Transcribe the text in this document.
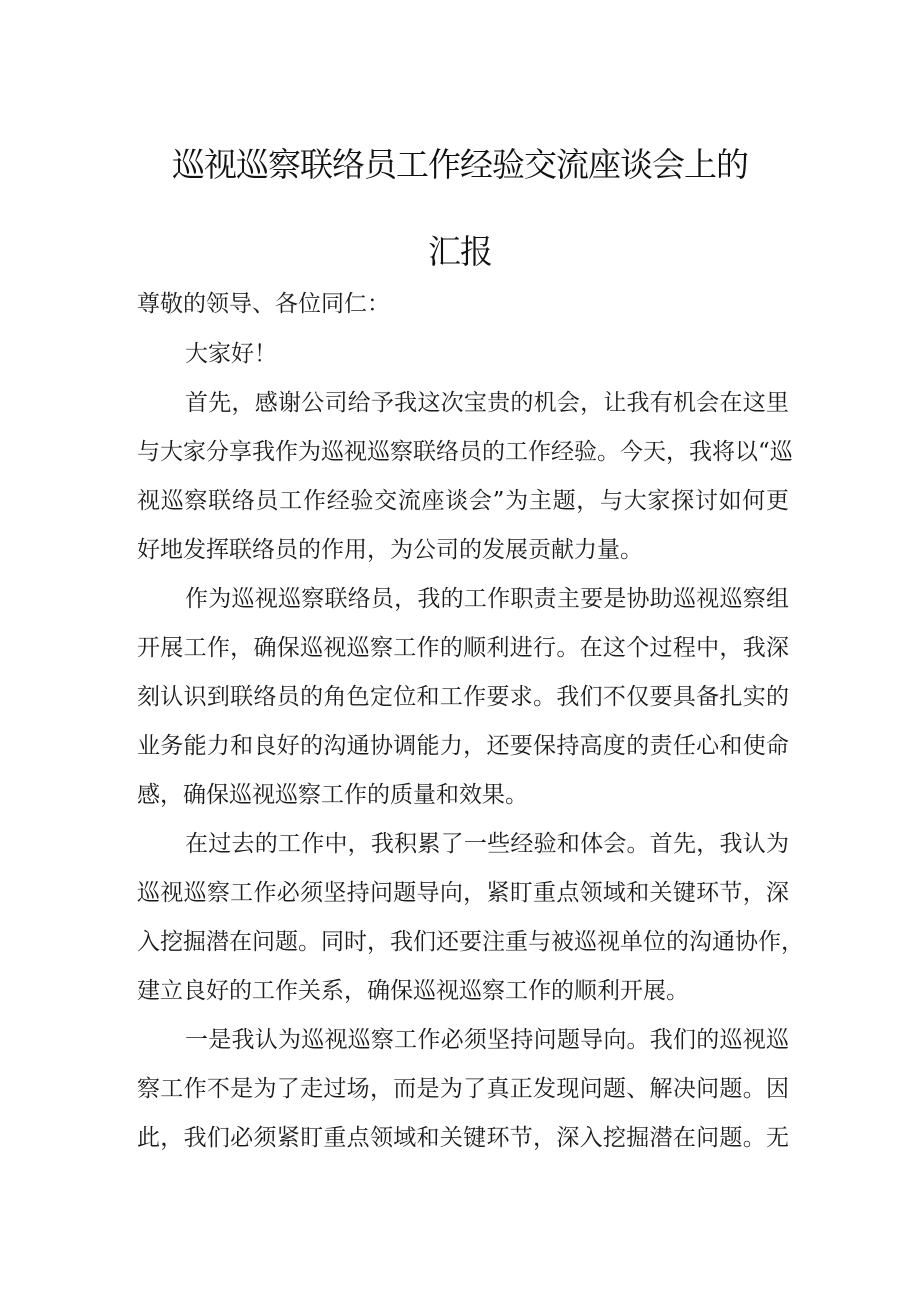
巡视巡察联络员工作经验交流座谈会上的
汇报
尊敬的领导、各位同仁：
大家好！
首先，感谢公司给予我这次宝贵的机会，让我有机会在这里
与大家分享我作为巡视巡察联络员的工作经验。今天，我将以“巡
视巡察联络员工作经验交流座谈会”为主题，与大家探讨如何更
好地发挥联络员的作用，为公司的发展贡献力量。
作为巡视巡察联络员，我的工作职责主要是协助巡视巡察组
开展工作，确保巡视巡察工作的顺利进行。在这个过程中，我深
刻认识到联络员的角色定位和工作要求。我们不仅要具备扎实的
业务能力和良好的沟通协调能力，还要保持高度的责任心和使命
感，确保巡视巡察工作的质量和效果。
在过去的工作中，我积累了一些经验和体会。首先，我认为
巡视巡察工作必须坚持问题导向，紧盯重点领域和关键环节，深
入挖掘潜在问题。同时，我们还要注重与被巡视单位的沟通协作，
建立良好的工作关系，确保巡视巡察工作的顺利开展。
一是我认为巡视巡察工作必须坚持问题导向。我们的巡视巡
察工作不是为了走过场，而是为了真正发现问题、解决问题。因
此，我们必须紧盯重点领域和关键环节，深入挖掘潜在问题。无
